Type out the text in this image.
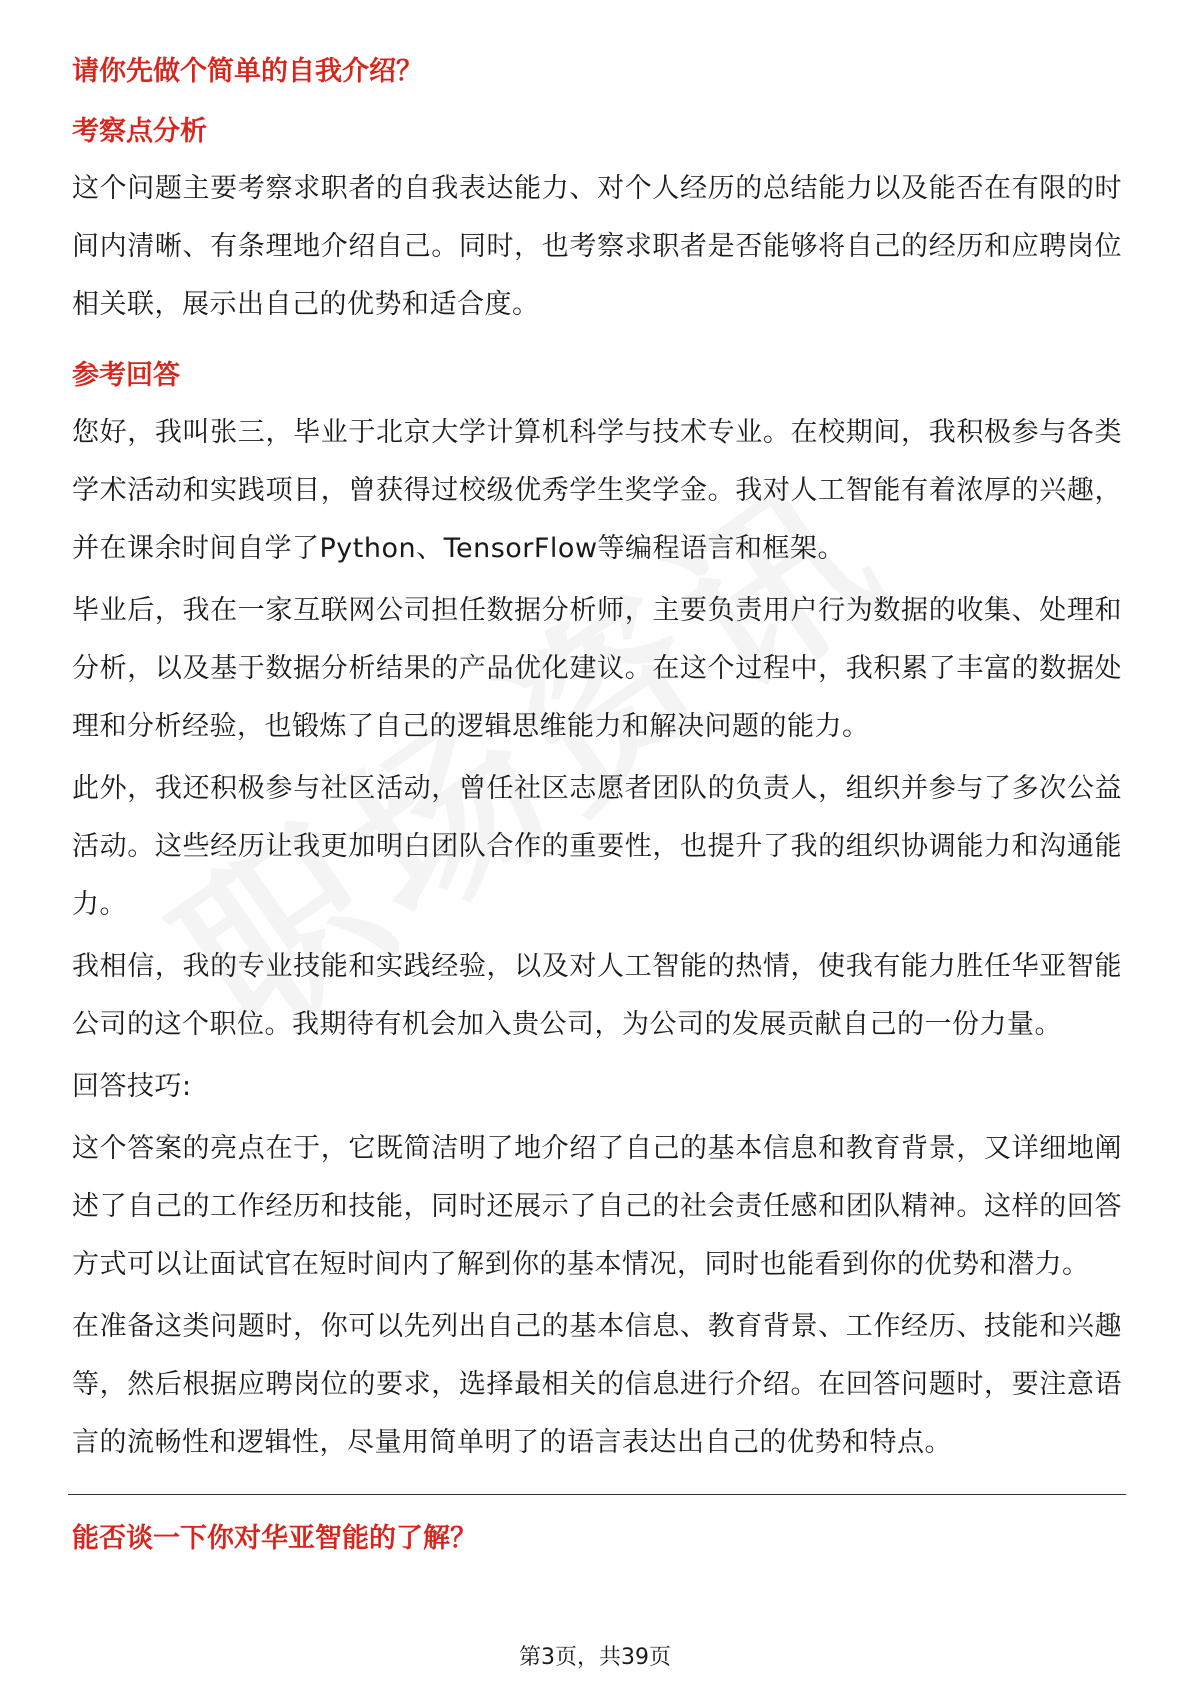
请你先做个简单的自我介绍？
考察点分析

这个问题主要考察求职者的自我表达能力、对个人经历的总结能力以及能否在有限的时间内清晰、有条理地介绍自己。同时，也考察求职者是否能够将自己的经历和应聘岗位相关联，展示出自己的优势和适合度。

参考回答

您好，我叫张三，毕业于北京大学计算机科学与技术专业。在校期间，我积极参与各类学术活动和实践项目，曾获得过校级优秀学生奖学金。我对人工智能有着浓厚的兴趣，并在课余时间自学了Python、TensorFlow等编程语言和框架。

毕业后，我在一家互联网公司担任数据分析师，主要负责用户行为数据的收集、处理和分析，以及基于数据分析结果的产品优化建议。在这个过程中，我积累了丰富的数据处理和分析经验，也锻炼了自己的逻辑思维能力和解决问题的能力。

此外，我还积极参与社区活动，曾任社区志愿者团队的负责人，组织并参与了多次公益活动。这些经历让我更加明白团队合作的重要性，也提升了我的组织协调能力和沟通能力。

我相信，我的专业技能和实践经验，以及对人工智能的热情，使我有能力胜任华亚智能公司的这个职位。我期待有机会加入贵公司，为公司的发展贡献自己的一份力量。

回答技巧:

这个答案的亮点在于，它既简洁明了地介绍了自己的基本信息和教育背景，又详细地阐述了自己的工作经历和技能，同时还展示了自己的社会责任感和团队精神。这样的回答方式可以让面试官在短时间内了解到你的基本情况，同时也能看到你的优势和潜力。

在准备这类问题时，你可以先列出自己的基本信息、教育背景、工作经历、技能和兴趣等，然后根据应聘岗位的要求，选择最相关的信息进行介绍。在回答问题时，要注意语言的流畅性和逻辑性，尽量用简单明了的语言表达出自己的优势和特点。

能否谈一下你对华亚智能的了解？
第3页，共39页
